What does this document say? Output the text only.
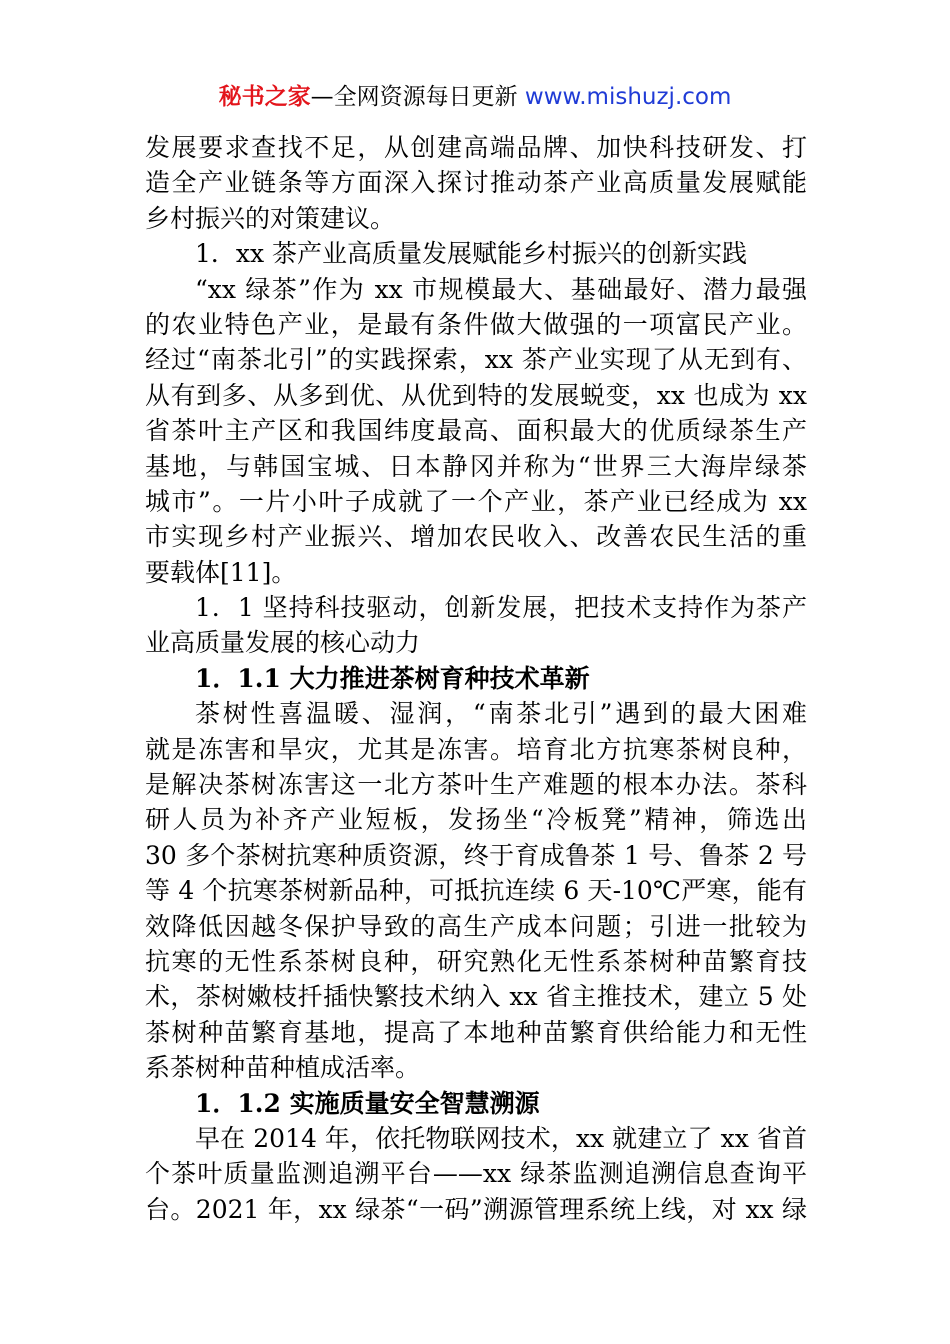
秘书之家—全网资源每日更新 www.mishuzj.com
发展要求查找不足，从创建高端品牌、加快科技研发、打
造全产业链条等方面深入探讨推动茶产业高质量发展赋能
乡村振兴的对策建议。
1．xx 茶产业高质量发展赋能乡村振兴的创新实践
“xx 绿茶”作为 xx 市规模最大、基础最好、潜力最强
的农业特色产业，是最有条件做大做强的一项富民产业。
经过“南茶北引”的实践探索，xx 茶产业实现了从无到有、
从有到多、从多到优、从优到特的发展蜕变，xx 也成为 xx
省茶叶主产区和我国纬度最高、面积最大的优质绿茶生产
基地，与韩国宝城、日本静冈并称为“世界三大海岸绿茶
城市”。一片小叶子成就了一个产业，茶产业已经成为 xx
市实现乡村产业振兴、增加农民收入、改善农民生活的重
要载体[11]。
1．1 坚持科技驱动，创新发展，把技术支持作为茶产
业高质量发展的核心动力
1．1.1 大力推进茶树育种技术革新
茶树性喜温暖、湿润，“南茶北引”遇到的最大困难
就是冻害和旱灾，尤其是冻害。培育北方抗寒茶树良种，
是解决茶树冻害这一北方茶叶生产难题的根本办法。茶科
研人员为补齐产业短板，发扬坐“冷板凳”精神，筛选出
30 多个茶树抗寒种质资源，终于育成鲁茶 1 号、鲁茶 2 号
等 4 个抗寒茶树新品种，可抵抗连续 6 天-10℃严寒，能有
效降低因越冬保护导致的高生产成本问题；引进一批较为
抗寒的无性系茶树良种，研究熟化无性系茶树种苗繁育技
术，茶树嫩枝扦插快繁技术纳入 xx 省主推技术，建立 5 处
茶树种苗繁育基地，提高了本地种苗繁育供给能力和无性
系茶树种苗种植成活率。
1．1.2 实施质量安全智慧溯源
早在 2014 年，依托物联网技术，xx 就建立了 xx 省首
个茶叶质量监测追溯平台——xx 绿茶监测追溯信息查询平
台。2021 年，xx 绿茶“一码”溯源管理系统上线，对 xx 绿
